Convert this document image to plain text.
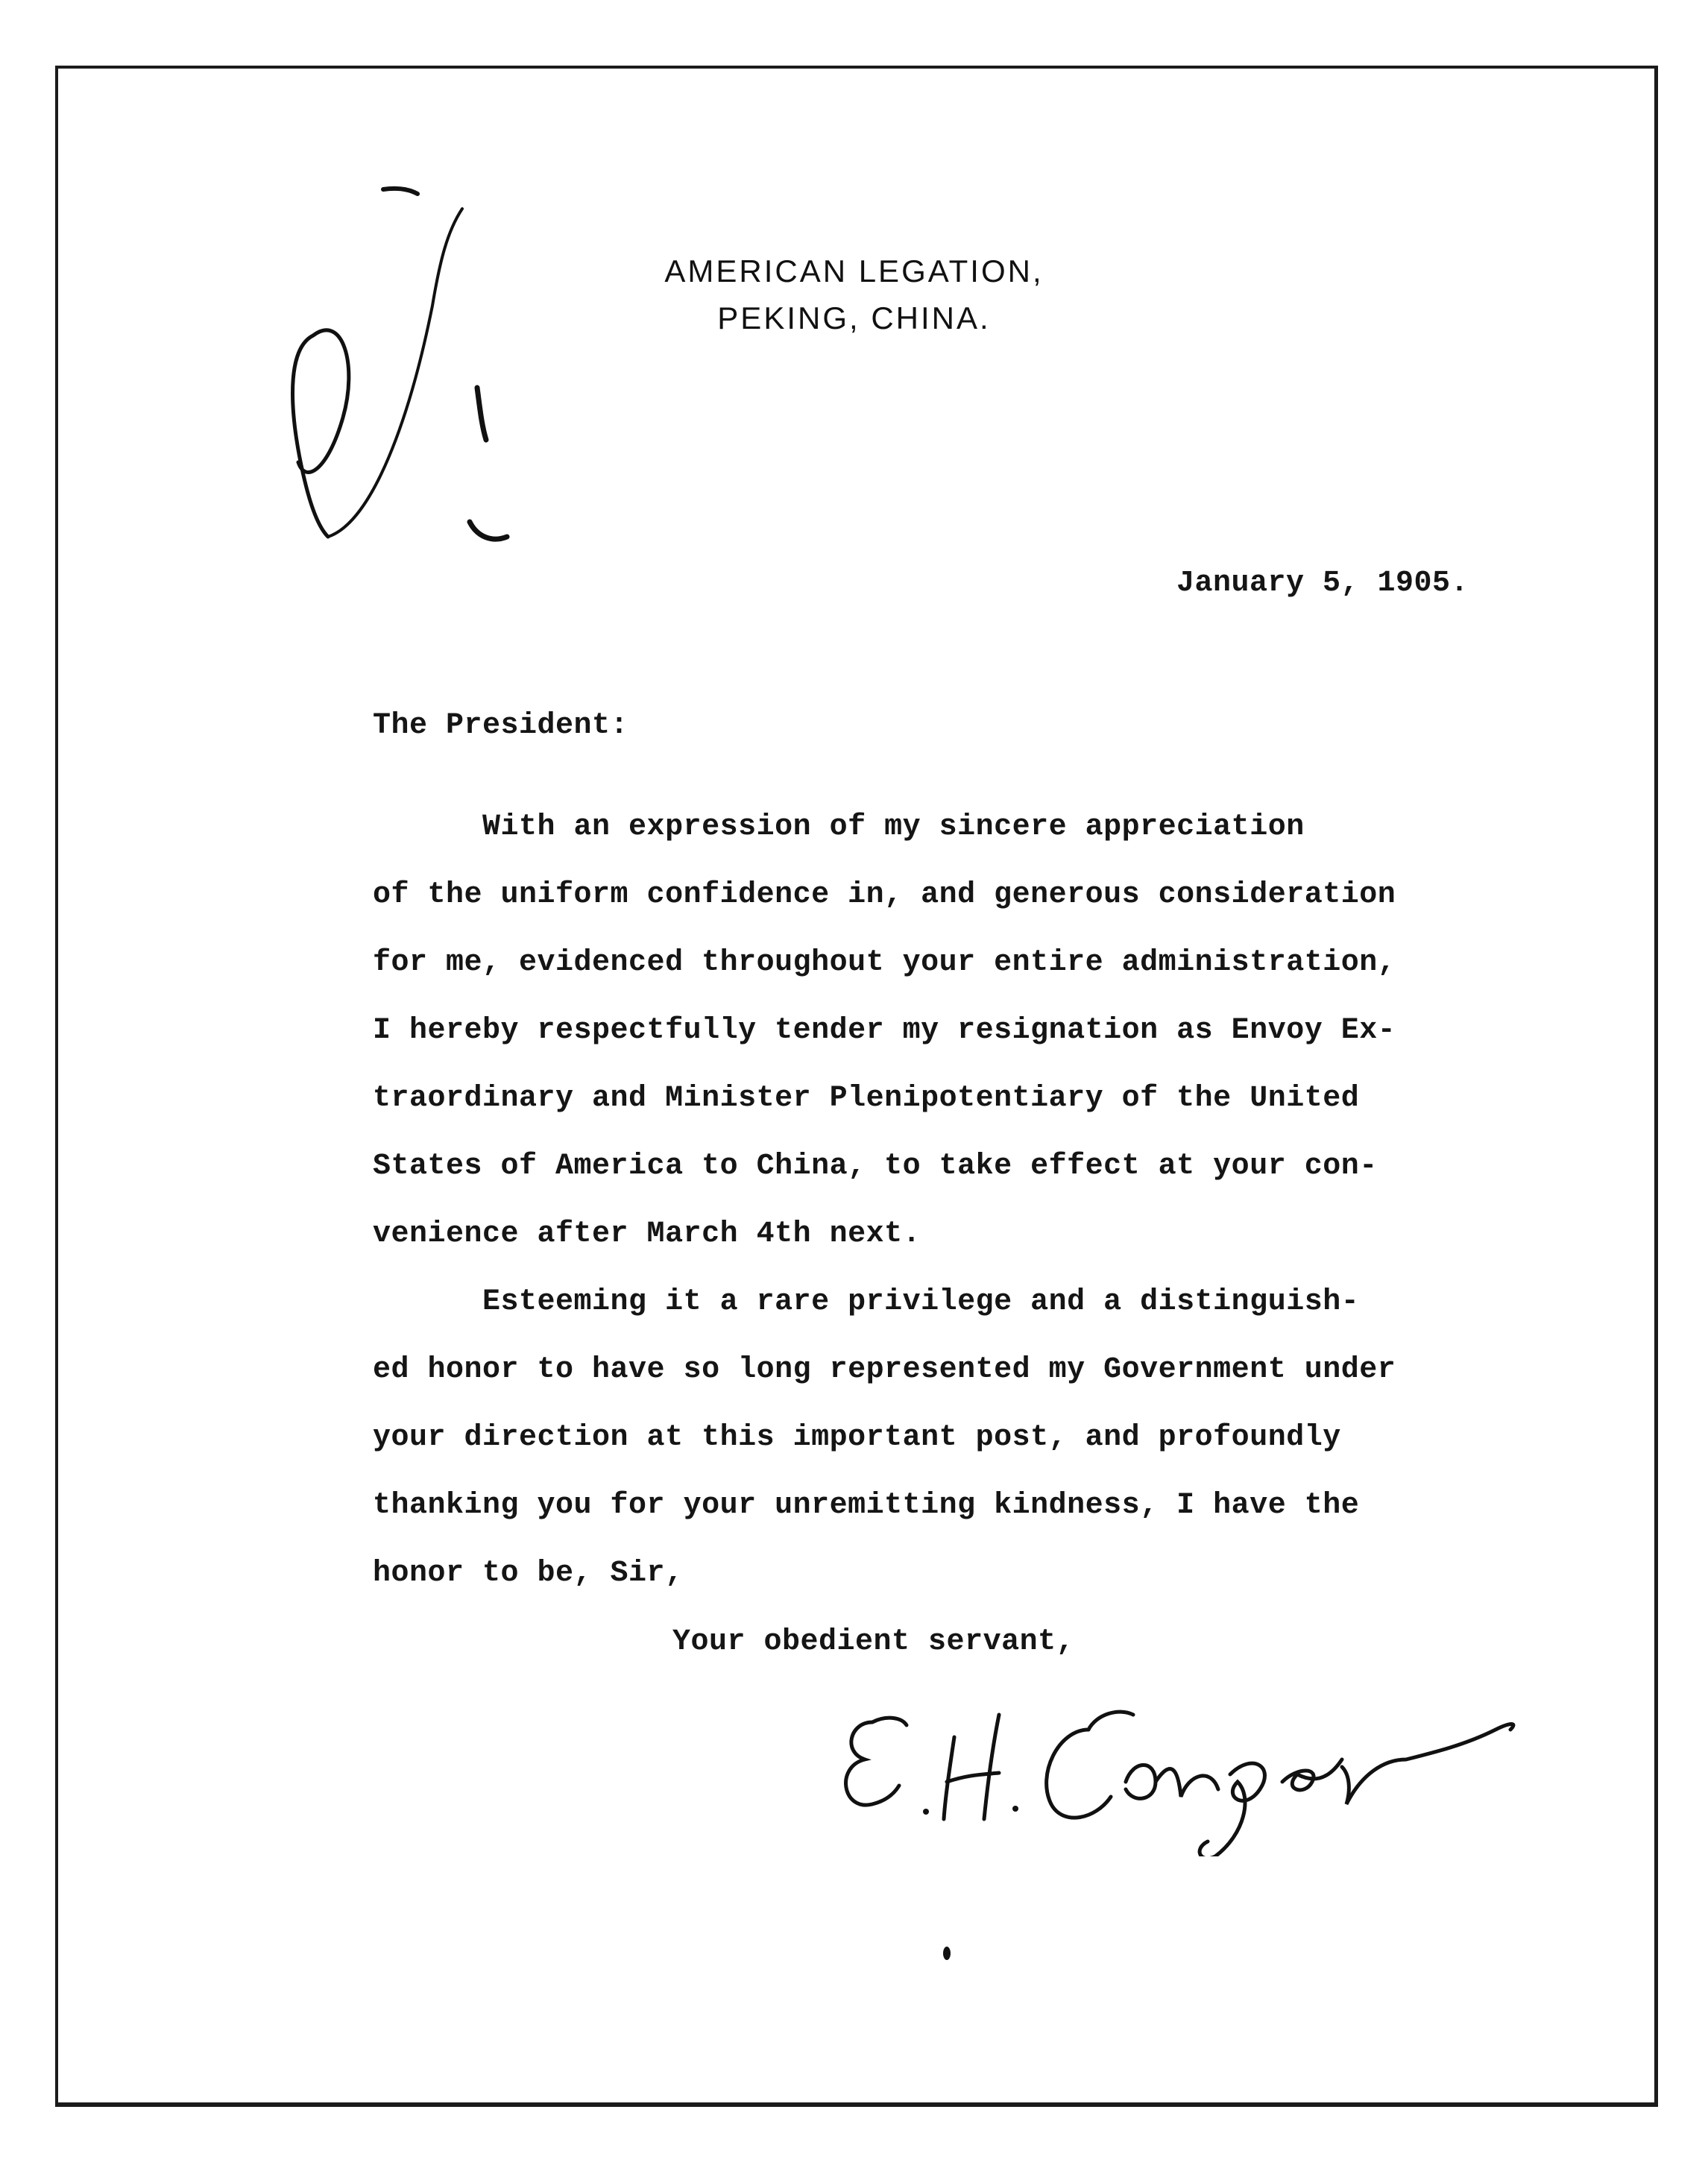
AMERICAN LEGATION,
PEKING, CHINA.
January 5, 1905.
The President:
With an expression of my sincere appreciation
of the uniform confidence in, and generous consideration
for me, evidenced throughout your entire administration,
I hereby respectfully tender my resignation as Envoy Ex-
traordinary and Minister Plenipotentiary of the United
States of America to China, to take effect at your con-
venience after March 4th next.
Esteeming it a rare privilege and a distinguish-
ed honor to have so long represented my Government under
your direction at this important post, and profoundly
thanking you for your unremitting kindness, I have the
honor to be, Sir,
Your obedient servant,
